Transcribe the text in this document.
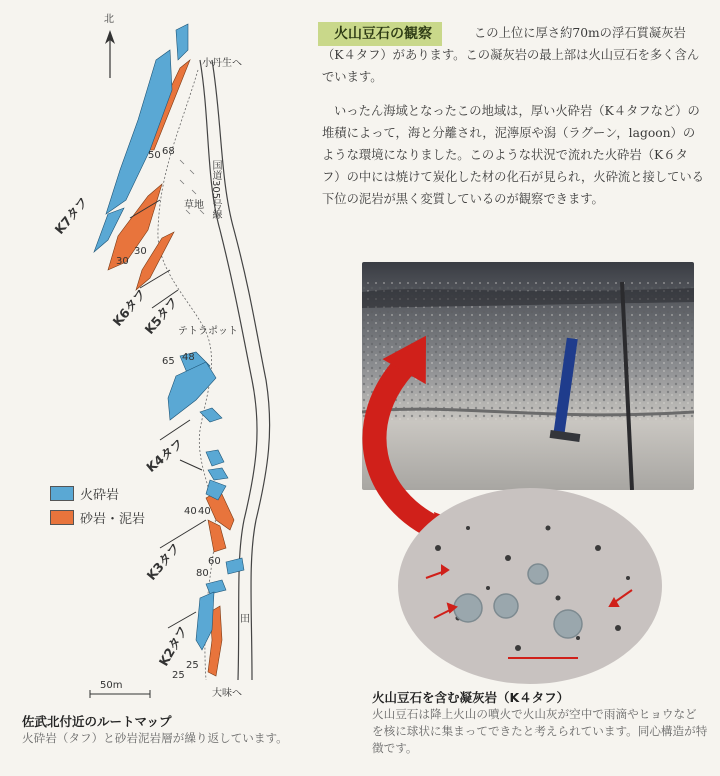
北
小丹生へ
国道305号線
草地
テトラポット
田
大味へ
K7タフ
K6タフ
K5タフ
K4タフ
K3タフ
K2タフ
50 68
30
30
65 48
40 40
60
80
25
25
50m
火砕岩
砂岩・泥岩
佐武北付近のルートマップ

火砕岩（タフ）と砂岩泥岩層が繰り返しています。

火山豆石の観察	この上位に厚さ約70mの浮石質凝灰岩（K４タフ）があります。この凝灰岩の最上部は火山豆石を多く含んでいます。

いったん海域となったこの地域は，厚い火砕岩（K４タフなど）の堆積によって，海と分離され，泥濘原や潟（ラグーン，lagoon）のような環境になりました。このような状況で流れた火砕岩（K６タフ）の中には焼けて炭化した材の化石が見られ，火砕流と接している下位の泥岩が黒く変質しているのが観察できます。

火山豆石を含む凝灰岩（K４タフ）

火山豆石は降上火山の噴火で火山灰が空中で雨滴やヒョウなどを核に球状に集まってできたと考えられています。同心構造が特徴です。
